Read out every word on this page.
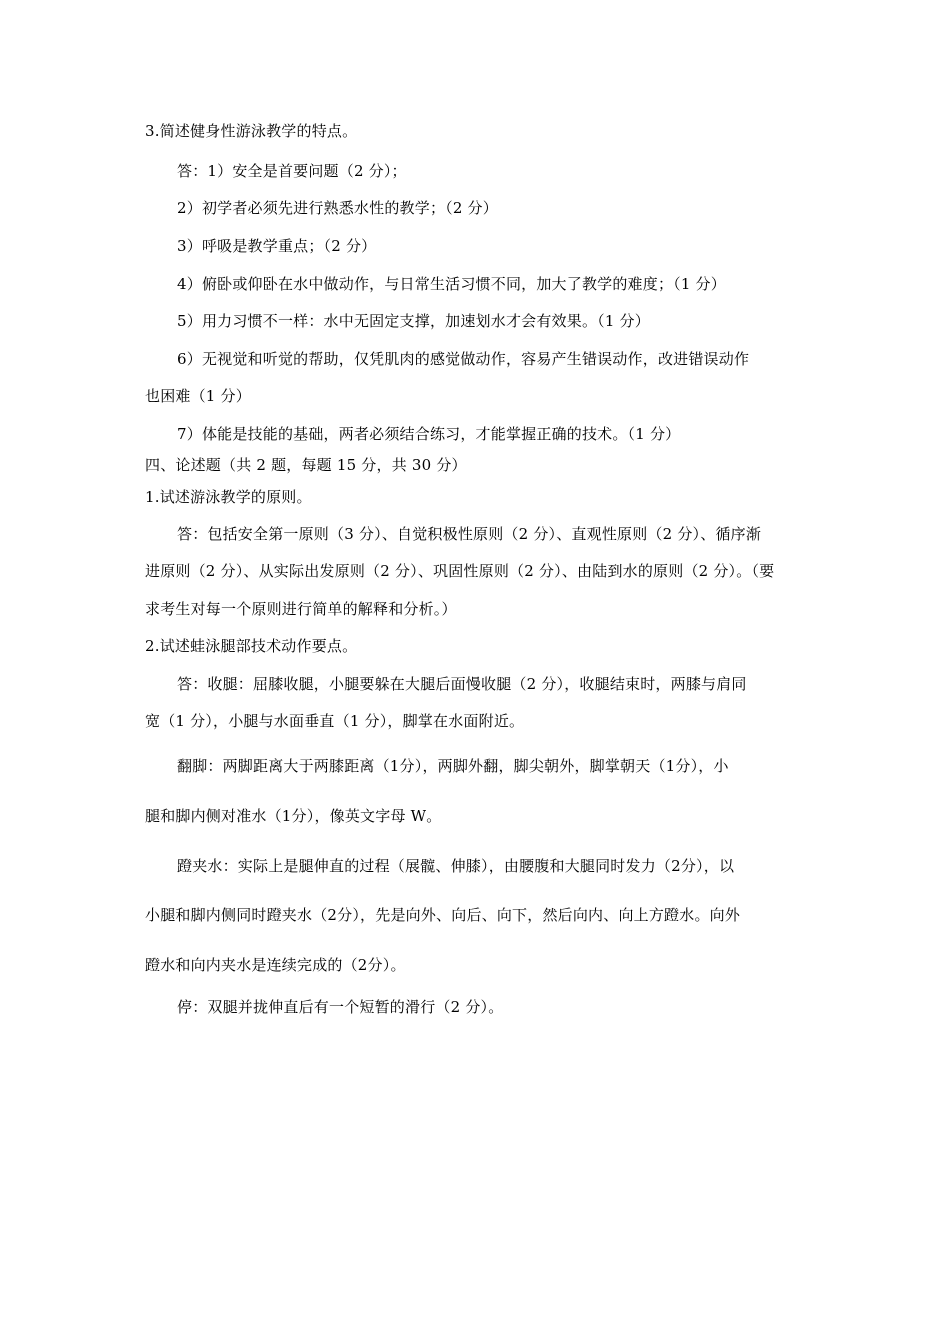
3.简述健身性游泳教学的特点。
答：1）安全是首要问题（2 分）；
2）初学者必须先进行熟悉水性的教学；（2 分）
3）呼吸是教学重点；（2 分）
4）俯卧或仰卧在水中做动作，与日常生活习惯不同，加大了教学的难度；（1 分）
5）用力习惯不一样：水中无固定支撑，加速划水才会有效果。（1 分）
6）无视觉和听觉的帮助，仅凭肌肉的感觉做动作，容易产生错误动作，改进错误动作
也困难（1 分）
7）体能是技能的基础，两者必须结合练习，才能掌握正确的技术。（1 分）
四、论述题（共 2 题，每题 15 分，共 30 分）
1.试述游泳教学的原则。
答：包括安全第一原则（3 分）、自觉积极性原则（2 分）、直观性原则（2 分）、循序渐
进原则（2 分）、从实际出发原则（2 分）、巩固性原则（2 分）、由陆到水的原则（2 分）。（要
求考生对每一个原则进行简单的解释和分析。）
2.试述蛙泳腿部技术动作要点。
答：收腿：屈膝收腿，小腿要躲在大腿后面慢收腿（2 分），收腿结束时，两膝与肩同
宽（1 分），小腿与水面垂直（1 分），脚掌在水面附近。
翻脚：两脚距离大于两膝距离（1分），两脚外翻，脚尖朝外，脚掌朝天（1分），小
腿和脚内侧对准水（1分），像英文字母 W。
蹬夹水：实际上是腿伸直的过程（展髋、伸膝），由腰腹和大腿同时发力（2分），以
小腿和脚内侧同时蹬夹水（2分），先是向外、向后、向下，然后向内、向上方蹬水。向外
蹬水和向内夹水是连续完成的（2分）。
停：双腿并拢伸直后有一个短暂的滑行（2 分）。
